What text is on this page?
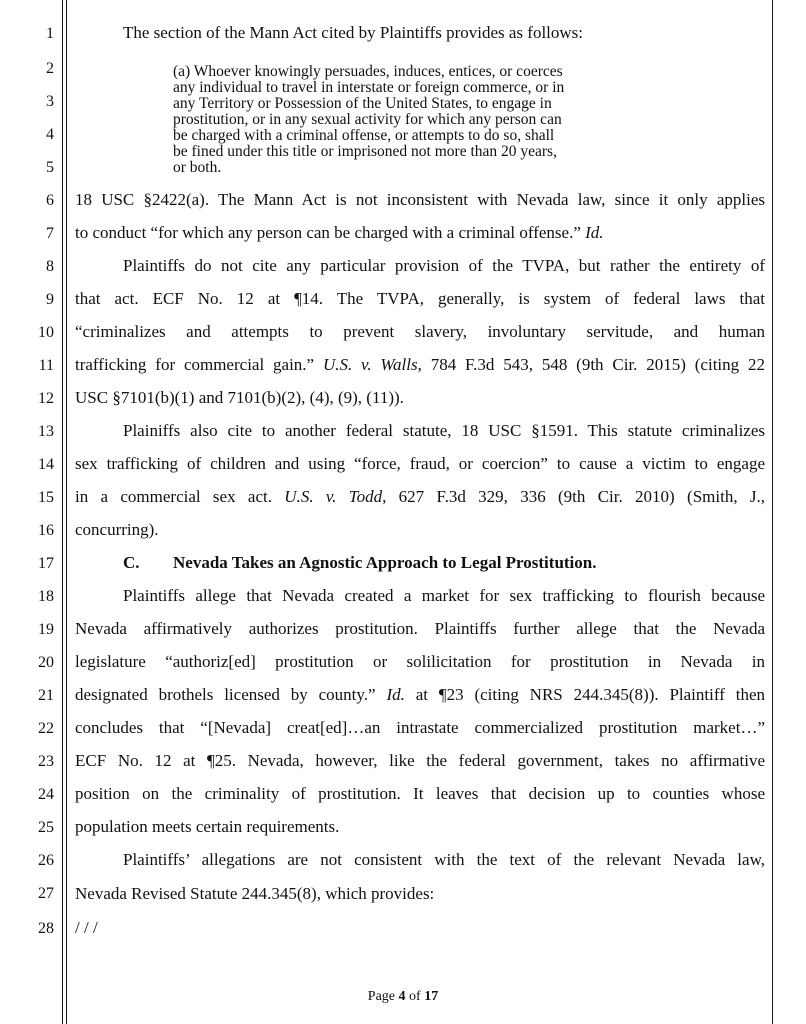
1
2
3
4
5
6
7
8
9
10
11
12
13
14
15
16
17
18
19
20
21
22
23
24
25
26
27
28
The section of the Mann Act cited by Plaintiffs provides as follows:
(a) Whoever knowingly persuades, induces, entices, or coerces
any individual to travel in interstate or foreign commerce, or in
any Territory or Possession of the United States, to engage in
prostitution, or in any sexual activity for which any person can
be charged with a criminal offense, or attempts to do so, shall
be fined under this title or imprisoned not more than 20 years,
or both.
18 USC §2422(a). The Mann Act is not inconsistent with Nevada law, since it only applies
to conduct “for which any person can be charged with a criminal offense.” Id.
Plaintiffs do not cite any particular provision of the TVPA, but rather the entirety of
that act. ECF No. 12 at ¶14. The TVPA, generally, is system of federal laws that
“criminalizes and attempts to prevent slavery, involuntary servitude, and human
trafficking for commercial gain.” U.S. v. Walls, 784 F.3d 543, 548 (9th Cir. 2015) (citing 22
USC §7101(b)(1) and 7101(b)(2), (4), (9), (11)).
Plainiffs also cite to another federal statute, 18 USC §1591. This statute criminalizes
sex trafficking of children and using “force, fraud, or coercion” to cause a victim to engage
in a commercial sex act. U.S. v. Todd, 627 F.3d 329, 336 (9th Cir. 2010) (Smith, J.,
concurring).
C. Nevada Takes an Agnostic Approach to Legal Prostitution.
Plaintiffs allege that Nevada created a market for sex trafficking to flourish because
Nevada affirmatively authorizes prostitution. Plaintiffs further allege that the Nevada
legislature “authoriz[ed] prostitution or solilicitation for prostitution in Nevada in
designated brothels licensed by county.” Id. at ¶23 (citing NRS 244.345(8)). Plaintiff then
concludes that “[Nevada] creat[ed]…an intrastate commercialized prostitution market…”
ECF No. 12 at ¶25. Nevada, however, like the federal government, takes no affirmative
position on the criminality of prostitution. It leaves that decision up to counties whose
population meets certain requirements.
Plaintiffs’ allegations are not consistent with the text of the relevant Nevada law,
Nevada Revised Statute 244.345(8), which provides:
/ / /
Page 4 of 17
